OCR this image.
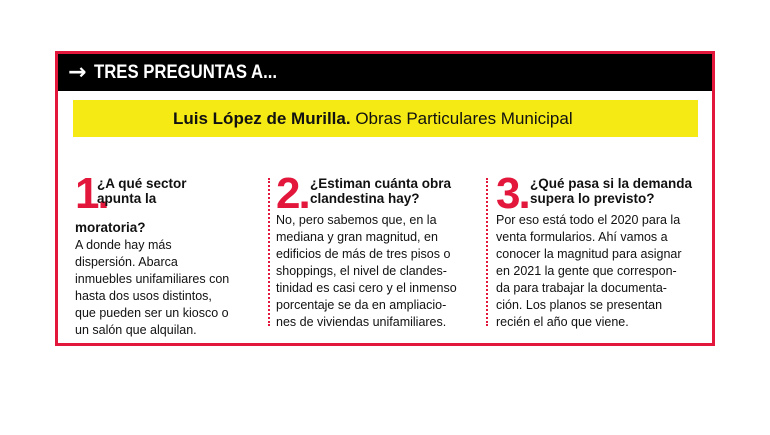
→ TRES PREGUNTAS A...
Luis López de Murilla. Obras Particulares Municipal
1.
¿A qué sector
apunta la
moratoria?
A donde hay más
dispersión. Abarca
inmuebles unifamiliares con
hasta dos usos distintos,
que pueden ser un kiosco o
un salón que alquilan.
2. ¿Estiman cuánta obra
clandestina hay?
No, pero sabemos que, en la
mediana y gran magnitud, en
edificios de más de tres pisos o
shoppings, el nivel de clandes-
tinidad es casi cero y el inmenso
porcentaje se da en ampliacio-
nes de viviendas unifamiliares.
3. ¿Qué pasa si la demanda
supera lo previsto?
Por eso está todo el 2020 para la
venta formularios. Ahí vamos a
conocer la magnitud para asignar
en 2021 la gente que correspon-
da para trabajar la documenta-
ción. Los planos se presentan
recién el año que viene.
